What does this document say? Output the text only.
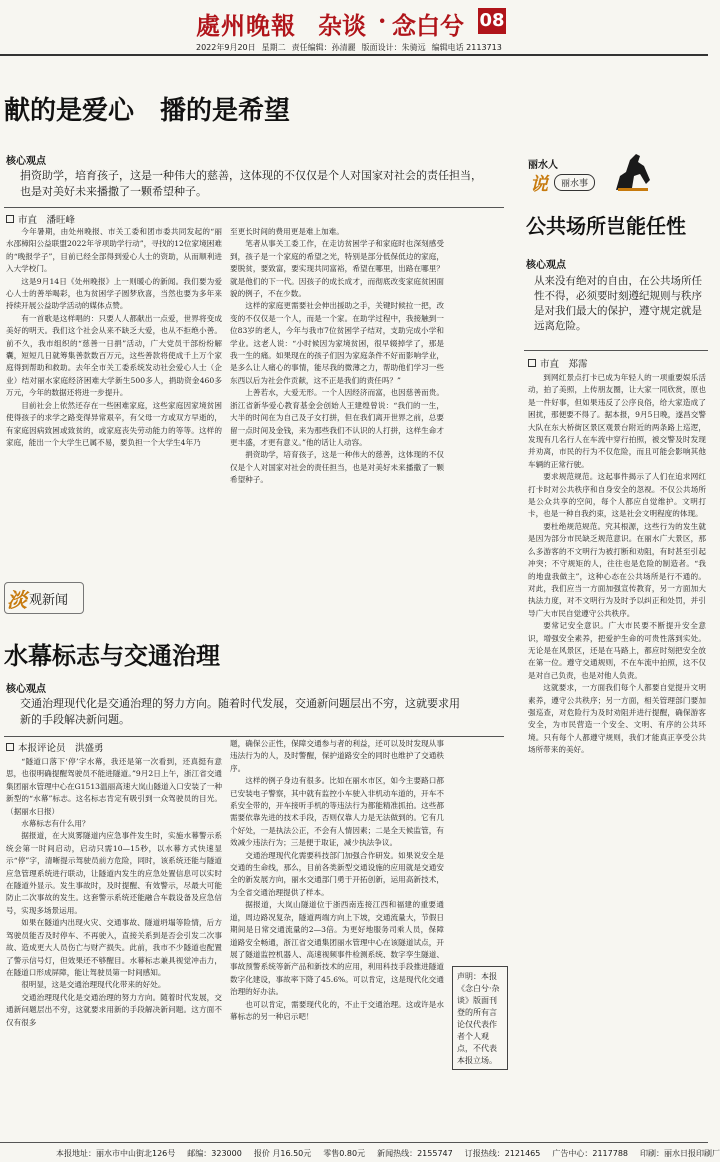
處州晚報 杂谈 · 念白兮 08
2022年9月20日 星期二 责任编辑：孙清麗 版面设计：朱骑远 编辑电话 2113713
献的是爱心　播的是希望
核心观点
捐资助学，培育孩子，这是一种伟大的慈善，这体现的不仅仅是个人对国家对社会的责任担当，也是对美好未来播撒了一颗希望种子。
市直　潘旺峰

今年暑期，由处州晚报、市关工委和团市委共同发起的“丽水邵樟阳公益联盟2022年爷项助学行动”，寻找的12位家境困难的“晚报学子”，目前已经全部得到爱心人士的资助，从而顺利进入大学校门。

这是9月14日《处州晚报》上一则暖心的新闻。我们要为爱心人士的善举喝彩，也为贫困学子圆梦欣喜，当然也要为多年来持续开展公益助学活动的媒体点赞。

有一首歌是这样唱的：只要人人都献出一点爱，世界将变成美好的明天。我们这个社会从来不缺乏大爱，也从不拒绝小善。前不久，我市组织的“慈善一日捐”活动，广大党员干部纷纷解囊，短短几日就筹集善款数百万元，这些善款将使成千上万个家庭得到帮助和救助。去年全市关工委系统发动社会爱心人士（企业）结对丽水家庭经济困难大学新生500多人，捐助资金460多万元，今年的数据还将进一步提升。

目前社会上依然还存在一些困难家庭，这些家庭因家境贫困使得孩子的求学之路变得异常艰辛，有父母一方或双方早逝的，有家庭因病致困或致贫的，或家庭丧失劳动能力的等等。这样的家庭，能出一个大学生已属不易，要负担一个大学生4年乃

至更长时间的费用更是难上加难。

笔者从事关工委工作，在走访贫困学子和家庭时也深刻感受到，孩子是一个家庭的希望之光，特别是部分低保低边的家庭，要脱贫，要致富，要实现共同富裕，希望在哪里，出路在哪里？就是他们的下一代。因孩子的成长成才，而彻底改变家庭贫困面貌的例子，不在少数。

这样的家庭更需要社会伸出援助之手，关键时候拉一把，改变的不仅仅是一个人，而是一个家。在助学过程中，我接触到一位83岁的老人，今年与我市7位贫困学子结对，支助完成小学和学业。这老人说：“小时候因为家境贫困，很早辍掉学了，那是我一生的痛。如果现在的孩子们因为家庭条件不好而影响学业，是多么让人痛心的事情，能尽我的微薄之力，帮助他们学习一些东西以后为社会作贡献，这不正是我们的责任吗？”

上善若水，大爱无形。一个人因经济而富，也因慈善而贵。浙江省新华爱心教育基金会创始人王建煌曾说：“我们的一生，大半的时间在为自己及子女打拼，但在我们离开世界之前，总要留一点时间及金钱，来为那些我们不认识的人打拼，这样生命才更丰盛，才更有意义。”他的话让人动容。

捐资助学，培育孩子，这是一种伟大的慈善，这体现的不仅仅是个人对国家对社会的责任担当，也是对美好未来播撒了一颗希望种子。

淡 观新闻
水幕标志与交通治理
核心观点
交通治理现代化是交通治理的努力方向。随着时代发展，交通新问题层出不穷，这就要求用新的手段解决新问题。
本报评论员　洪盛勇

“隧道口落下‘停’字水幕，我还是第一次看到，还真挺有意思，也很明确提醒驾驶员不能进隧道。”9月2日上午，浙江省交通集团丽水管理中心在G1513温丽高速大岚山隧道入口安装了一种新型的“水幕”标志。这名标志肯定有吸引到一众驾驶员的目光。（据丽水日报）

水幕标志有什么用？

据报道，在大岚雾隧道内应急事件发生时，实施水幕警示系统会第一时间启动，启动只需10—15秒，以水幕方式快速显示“停”字，清晰提示驾驶员前方危险，同时，该系统还能与隧道应急管理系统进行联动，让隧道内发生的应急处置信息可以实时在隧道外显示。发生事故时，及时提醒、有效警示，尽最大可能防止二次事故的发生。这套警示系统还能融合车载设备及应急信号，实现多场景运用。

如果在隧道内出现火灾、交通事故、隧道坍塌等险情，后方驾驶员能否及时停车、不再驶入，直接关系到是否会引发二次事故、造成更大人员伤亡与财产损失。此前，我市不少隧道也配置了警示信号灯，但效果还不够醒目。水幕标志兼具视觉冲击力，在隧道口形成屏障，能让驾驶员第一时间感知。

很明显，这是交通治理现代化带来的好处。

交通治理现代化是交通治理的努力方向。随着时代发展，交通新问题层出不穷，这就要求用新的手段解决新问题。这方面不仅有很多

题，确保公正性，保障交通参与者的利益，还可以及时发现从事违法行为的人，及时警醒，保护道路安全的同时也维护了交通秩序。

这样的例子身边有很多。比如在丽水市区，如今主要路口都已安装电子警察，其中就有监控小车驶入非机动车道的，开车不系安全带的，开车接听手机的等违法行为都能精准抓拍。这些都需要依靠先进的技术手段，否则仅靠人力是无法做到的。它有几个好处，一是执法公正，不会有人情因素；二是全天候监管，有效减少违法行为；三是便于取证，减少执法争议。

交通治理现代化需要科技部门加强合作研发。如果说安全是交通的生命线，那么，目前各类新型交通设施的应用就是交通安全的新发展方向，丽水交通部门勇于开拓创新，运用高新技术，为全省交通治理提供了样本。

据报道，大岚山隧道位于浙西南连接江西和福建的重要通道，周边路况复杂，隧道两端方向上下坡，交通流量大，节假日期间是日常交通流量的2—3倍。为更好地服务司乘人员，保障道路安全畅通，浙江省交通集团丽水管理中心在该隧道试点，开展了隧道监控机器人、高速视频事件检测系统、数字孪生隧道、事故预警系统等新产品和新技术的应用，利用科技手段推进隧道数字化建设，事故率下降了45.6%。可以肯定，这是现代化交通治理的好办法。

也可以肯定，需要现代化的，不止于交通治理。这或许是水幕标志的另一种启示吧！

声明：本报《念白兮·杂谈》版面刊登的所有言论仅代表作者个人观点，不代表本报立场。
丽水人
说	丽水事
公共场所岂能任性
核心观点
从来没有绝对的自由，在公共场所任性不得，必须要时刻遵纪规则与秩序是对我们最大的保护，遵守规定就是远离危险。
市直　郑霈

到网红景点打卡已成为年轻人的一项重要娱乐活动，拍了美照，上传朋友圈，让大家一同欣赏，原也是一件好事，但如果违反了公序良俗，给大家造成了困扰，那便要不得了。据本报，9月5日晚，遂昌交警大队在东大桥街区景区观景台附近的两条路上巡逻，发现有几名行人在车流中穿行拍照，被交警及时发现并劝离，市民的行为不仅危险，而且可能会影响其他车辆的正常行驶。

要求规范规范。这起事件揭示了人们在追求网红打卡时对公共秩序和自身安全的忽视。不仅公共场所是公众共享的空间，每个人都应自觉维护。文明打卡，也是一种自我约束，这是社会文明程度的体现。

要杜绝规范规范。究其根源，这些行为的发生就是因为部分市民缺乏规范意识。在丽水广大景区，那么多游客的不文明行为被打断和劝阻，有时甚至引起冲突；不守规矩的人，往往也是危险的制造者。“我的地盘我做主”，这种心态在公共场所是行不通的。对此，我们应当一方面加强宣传教育，另一方面加大执法力度，对不文明行为及时予以纠正和处罚，并引导广大市民自觉遵守公共秩序。

要常记安全意识。广大市民要不断提升安全意识，增强安全素养，把爱护生命的可贵性落到实处。无论是在风景区，还是在马路上，都应时刻把安全放在第一位。遵守交通规则，不在车流中拍照，这不仅是对自己负责，也是对他人负责。

这就要求，一方面我们每个人都要自觉提升文明素养，遵守公共秩序；另一方面，相关管理部门要加强巡查，对危险行为及时劝阻并进行提醒，确保游客安全，为市民营造一个安全、文明、有序的公共环境。只有每个人都遵守规则，我们才能真正享受公共场所带来的美好。

本报地址：丽水市中山街北126号 邮编：323000 报价 月16.50元 零售0.80元 新闻热线：2155747 订报热线：2121465 广告中心：2117788 印刷：丽水日报印刷厂
